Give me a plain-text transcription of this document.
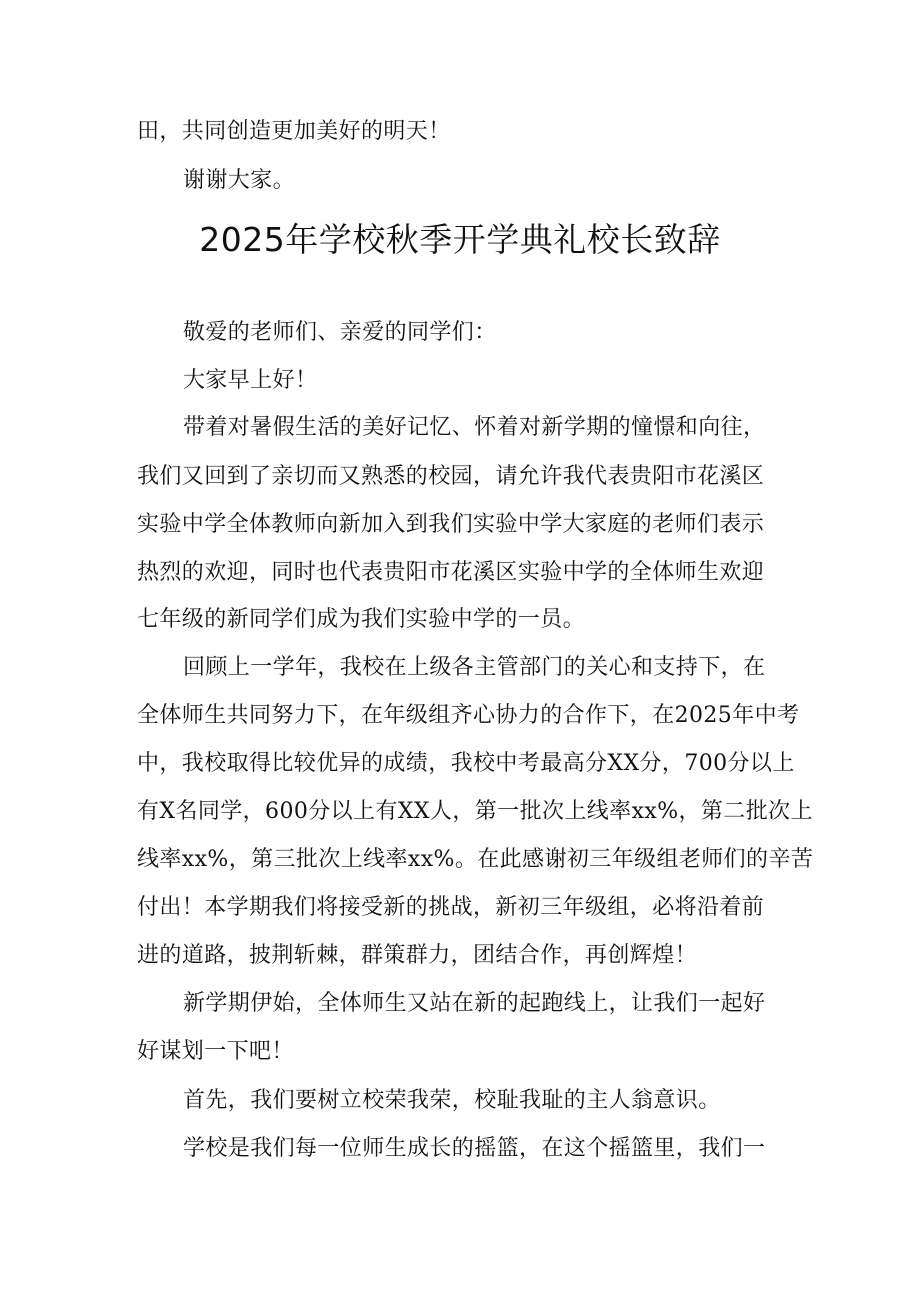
田，共同创造更加美好的明天！
谢谢大家。
2025年学校秋季开学典礼校长致辞
敬爱的老师们、亲爱的同学们：
大家早上好！
带着对暑假生活的美好记忆、怀着对新学期的憧憬和向往，
我们又回到了亲切而又熟悉的校园，请允许我代表贵阳市花溪区
实验中学全体教师向新加入到我们实验中学大家庭的老师们表示
热烈的欢迎，同时也代表贵阳市花溪区实验中学的全体师生欢迎
七年级的新同学们成为我们实验中学的一员。
回顾上一学年，我校在上级各主管部门的关心和支持下，在
全体师生共同努力下，在年级组齐心协力的合作下，在2025年中考
中，我校取得比较优异的成绩，我校中考最高分XX分，700分以上
有X名同学，600分以上有XX人，第一批次上线率xx%，第二批次上
线率xx%，第三批次上线率xx%。在此感谢初三年级组老师们的辛苦
付出！本学期我们将接受新的挑战，新初三年级组，必将沿着前
进的道路，披荆斩棘，群策群力，团结合作，再创辉煌！
新学期伊始，全体师生又站在新的起跑线上，让我们一起好
好谋划一下吧！
首先，我们要树立校荣我荣，校耻我耻的主人翁意识。
学校是我们每一位师生成长的摇篮，在这个摇篮里，我们一
